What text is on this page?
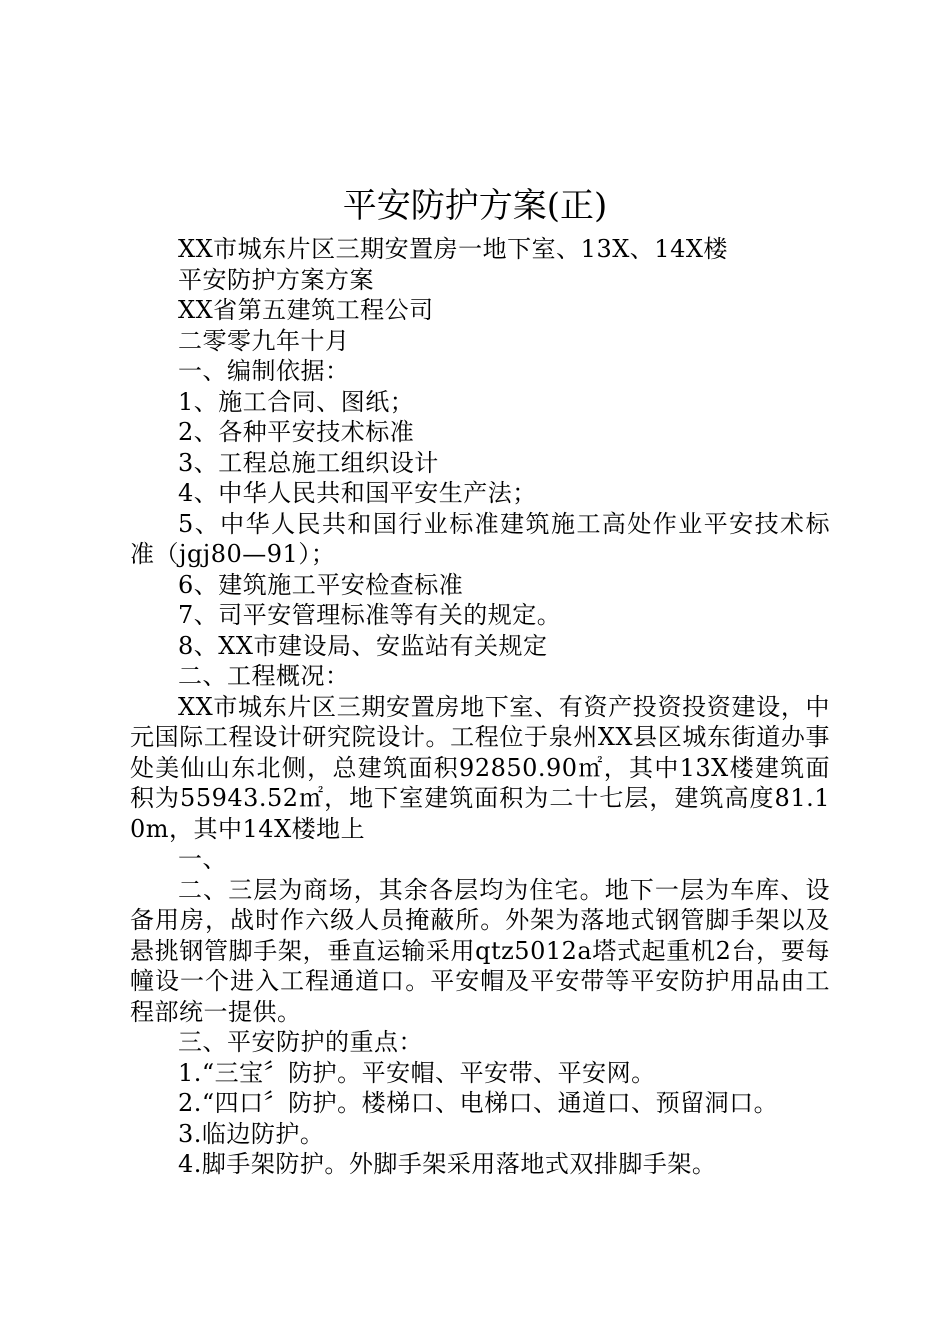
平安防护方案(正)

XX市城东片区三期安置房一地下室、13X、14X楼

平安防护方案方案

XX省第五建筑工程公司

二零零九年十月

一、编制依据：

1、施工合同、图纸；

2、各种平安技术标准

3、工程总施工组织设计

4、中华人民共和国平安生产法；

5、中华人民共和国行业标准建筑施工高处作业平安技术标准（jgj80—91）；

6、建筑施工平安检查标准

7、司平安管理标准等有关的规定。

8、XX市建设局、安监站有关规定

二、工程概况：

XX市城东片区三期安置房地下室、有资产投资投资建设，中元国际工程设计研究院设计。工程位于泉州XX县区城东街道办事处美仙山东北侧，总建筑面积92850.90㎡，其中13X楼建筑面积为55943.52㎡，地下室建筑面积为二十七层，建筑高度81.10m，其中14X楼地上

一、

二、三层为商场，其余各层均为住宅。地下一层为车库、设备用房，战时作六级人员掩蔽所。外架为落地式钢管脚手架以及悬挑钢管脚手架，垂直运输采用qtz5012a塔式起重机2台，要每幢设一个进入工程通道口。平安帽及平安带等平安防护用品由工程部统一提供。

三、平安防护的重点：

1.“三宝〞防护。平安帽、平安带、平安网。

2.“四口〞防护。楼梯口、电梯口、通道口、预留洞口。

3.临边防护。

4.脚手架防护。外脚手架采用落地式双排脚手架。
